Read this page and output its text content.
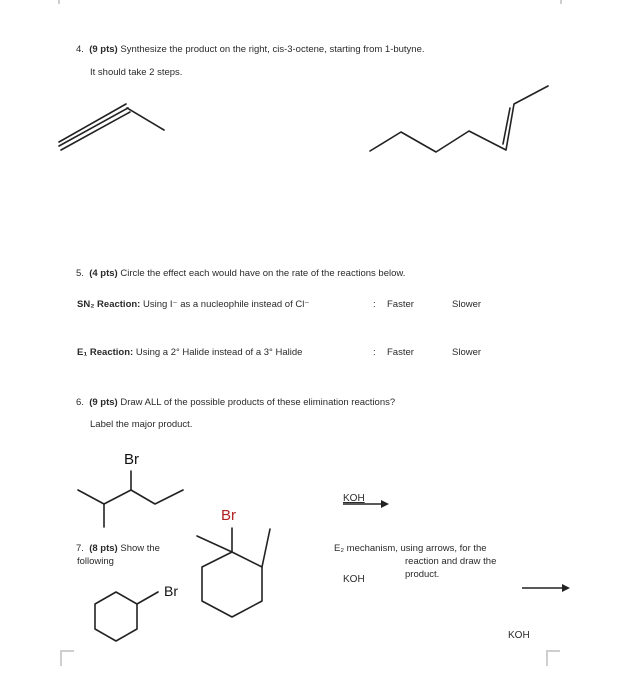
4. (9 pts) Synthesize the product on the right, cis-3-octene, starting from 1-butyne.
It should take 2 steps.
5. (4 pts) Circle the effect each would have on the rate of the reactions below.
SN₂ Reaction: Using I⁻ as a nucleophile instead of Cl⁻	: Faster	Slower
E₁ Reaction: Using a 2° Halide instead of a 3° Halide	: Faster	Slower
6. (9 pts) Draw ALL of the possible products of these elimination reactions?
Label the major product.
Br
KOH
7. (8 pts) Show the
following
Br
Br
E₂ mechanism, using arrows, for the
reaction and draw the
product.
KOH
KOH
